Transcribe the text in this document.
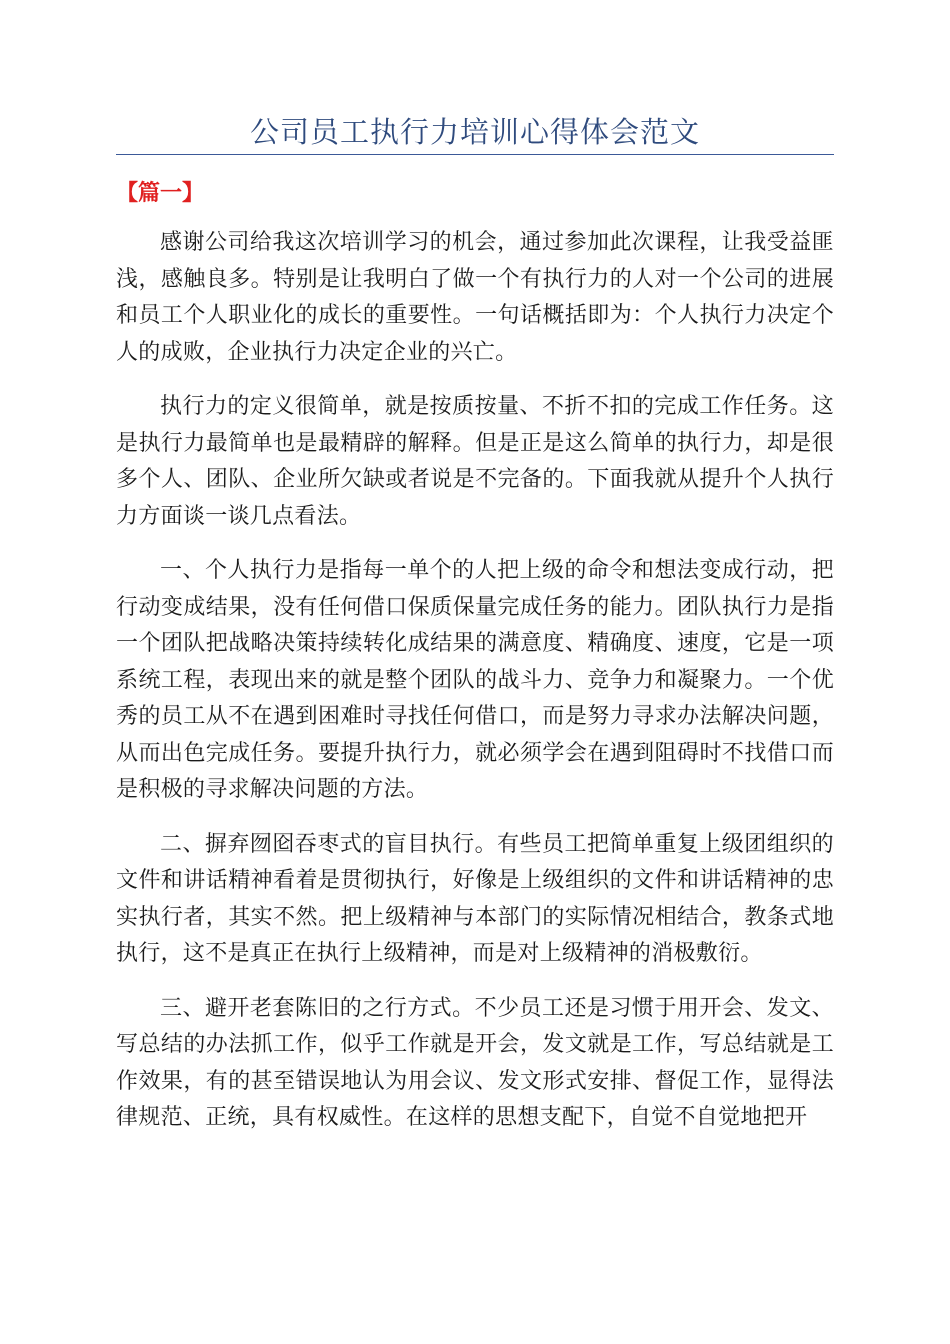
公司员工执行力培训心得体会范文
【篇一】

感谢公司给我这次培训学习的机会，通过参加此次课程，让我受益匪浅，感触良多。特别是让我明白了做一个有执行力的人对一个公司的进展和员工个人职业化的成长的重要性。一句话概括即为：个人执行力决定个人的成败，企业执行力决定企业的兴亡。

执行力的定义很简单，就是按质按量、不折不扣的完成工作任务。这是执行力最简单也是最精辟的解释。但是正是这么简单的执行力，却是很多个人、团队、企业所欠缺或者说是不完备的。下面我就从提升个人执行力方面谈一谈几点看法。

一、个人执行力是指每一单个的人把上级的命令和想法变成行动，把行动变成结果，没有任何借口保质保量完成任务的能力。团队执行力是指一个团队把战略决策持续转化成结果的满意度、精确度、速度，它是一项系统工程，表现出来的就是整个团队的战斗力、竞争力和凝聚力。一个优秀的员工从不在遇到困难时寻找任何借口，而是努力寻求办法解决问题，从而出色完成任务。要提升执行力，就必须学会在遇到阻碍时不找借口而是积极的寻求解决问题的方法。

二、摒弃囫囵吞枣式的盲目执行。有些员工把简单重复上级团组织的文件和讲话精神看着是贯彻执行，好像是上级组织的文件和讲话精神的忠实执行者，其实不然。把上级精神与本部门的实际情况相结合，教条式地执行，这不是真正在执行上级精神，而是对上级精神的消极敷衍。

三、避开老套陈旧的之行方式。不少员工还是习惯于用开会、发文、写总结的办法抓工作，似乎工作就是开会，发文就是工作，写总结就是工作效果，有的甚至错误地认为用会议、发文形式安排、督促工作，显得法律规范、正统，具有权威性。在这样的思想支配下，自觉不自觉地把开
